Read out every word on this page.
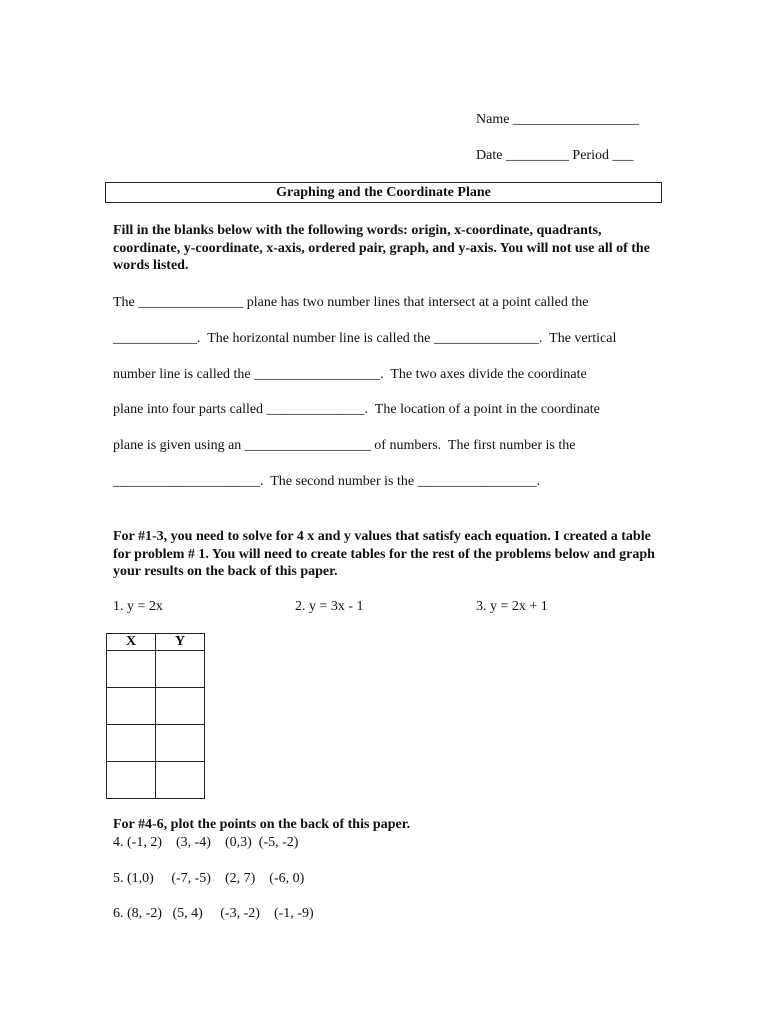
Name __________________
Date _________ Period ___
Graphing and the Coordinate Plane
Fill in the blanks below with the following words: origin, x-coordinate, quadrants, coordinate, y-coordinate, x-axis, ordered pair, graph, and y-axis. You will not use all of the words listed.
The _______________ plane has two number lines that intersect at a point called the
____________.  The horizontal number line is called the _______________.  The vertical
number line is called the __________________.  The two axes divide the coordinate
plane into four parts called ______________.  The location of a point in the coordinate
plane is given using an __________________ of numbers.  The first number is the
_____________________.  The second number is the _________________.
For #1-3, you need to solve for 4 x and y values that satisfy each equation. I created a table for problem # 1. You will need to create tables for the rest of the problems below and graph your results on the back of this paper.
1. y = 2x	2. y = 3x - 1	3. y = 2x + 1
X	Y

For #4-6, plot the points on the back of this paper.
4. (-1, 2)    (3, -4)    (0,3)  (-5, -2)
5. (1,0)     (-7, -5)    (2, 7)    (-6, 0)
6. (8, -2)   (5, 4)     (-3, -2)    (-1, -9)
